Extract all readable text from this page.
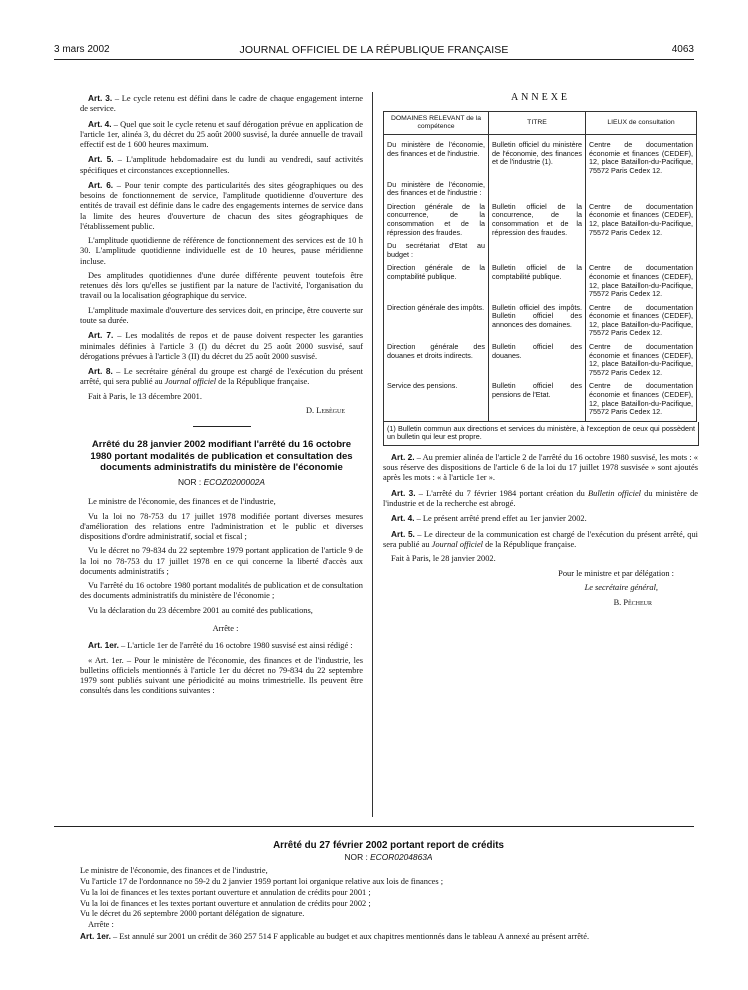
3 mars 2002	JOURNAL OFFICIEL DE LA RÉPUBLIQUE FRANÇAISE	4063

Art. 3. – Le cycle retenu est défini dans le cadre de chaque engagement interne de service.

Art. 4. – Quel que soit le cycle retenu et sauf dérogation prévue en application de l'article 1er, alinéa 3, du décret du 25 août 2000 susvisé, la durée annuelle de travail effectif est de 1 600 heures maximum.

Art. 5. – L'amplitude hebdomadaire est du lundi au vendredi, sauf activités spécifiques et circonstances exceptionnelles.

Art. 6. – Pour tenir compte des particularités des sites géographiques ou des besoins de fonctionnement de service, l'amplitude quotidienne d'ouverture des entités de travail est définie dans le cadre des engagements internes de service dans la limite des heures d'ouverture de chacun des sites géographiques de l'établissement public.

L'amplitude quotidienne de référence de fonctionnement des services est de 10 h 30. L'amplitude quotidienne individuelle est de 10 heures, pause méridienne incluse.

Des amplitudes quotidiennes d'une durée différente peuvent toutefois être retenues dès lors qu'elles se justifient par la nature de l'activité, l'organisation du travail ou la localisation géographique du service.

L'amplitude maximale d'ouverture des services doit, en principe, être couverte sur toute sa durée.

Art. 7. – Les modalités de repos et de pause doivent respecter les garanties minimales définies à l'article 3 (I) du décret du 25 août 2000 susvisé, sauf dérogations prévues à l'article 3 (II) du décret du 25 août 2000 susvisé.

Art. 8. – Le secrétaire général du groupe est chargé de l'exécution du présent arrêté, qui sera publié au Journal officiel de la République française.

Fait à Paris, le 13 décembre 2001.

D. Lebègue

Arrêté du 28 janvier 2002 modifiant l'arrêté du 16 octobre 1980 portant modalités de publication et consultation des documents administratifs du ministère de l'économie

NOR : ECOZ0200002A

Le ministre de l'économie, des finances et de l'industrie,

Vu la loi no 78-753 du 17 juillet 1978 modifiée portant diverses mesures d'amélioration des relations entre l'administration et le public et diverses dispositions d'ordre administratif, social et fiscal ;

Vu le décret no 79-834 du 22 septembre 1979 portant application de l'article 9 de la loi no 78-753 du 17 juillet 1978 en ce qui concerne la liberté d'accès aux documents administratifs ;

Vu l'arrêté du 16 octobre 1980 portant modalités de publication et de consultation des documents administratifs du ministère de l'économie ;

Vu la déclaration du 23 décembre 2001 au comité des publications,

Arrête :

Art. 1er. – L'article 1er de l'arrêté du 16 octobre 1980 susvisé est ainsi rédigé :

« Art. 1er. – Pour le ministère de l'économie, des finances et de l'industrie, les bulletins officiels mentionnés à l'article 1er du décret no 79-834 du 22 septembre 1979 sont publiés suivant une périodicité au moins trimestrielle. Ils peuvent être consultés dans les conditions suivantes :

ANNEXE

DOMAINES RELEVANT de la compétence	TITRE	LIEUX de consultation
Du ministère de l'économie, des finances et de l'industrie.	Bulletin officiel du ministère de l'économie, des finances et de l'industrie (1).	Centre de documentation économie et finances (CEDEF), 12, place Bataillon-du-Pacifique, 75572 Paris Cedex 12.
Du ministère de l'économie, des finances et de l'industrie :		
Direction générale de la concurrence, de la consommation et de la répression des fraudes.	Bulletin officiel de la concurrence, de la consommation et de la répression des fraudes.	Centre de documentation économie et finances (CEDEF), 12, place Bataillon-du-Pacifique, 75572 Paris Cedex 12.
Du secrétariat d'Etat au budget :		
Direction générale de la comptabilité publique.	Bulletin officiel de la comptabilité publique.	Centre de documentation économie et finances (CEDEF), 12, place Bataillon-du-Pacifique, 75572 Paris Cedex 12.
Direction générale des impôts.	Bulletin officiel des impôts. Bulletin officiel des annonces des domaines.	Centre de documentation économie et finances (CEDEF), 12, place Bataillon-du-Pacifique, 75572 Paris Cedex 12.
Direction générale des douanes et droits indirects.	Bulletin officiel des douanes.	Centre de documentation économie et finances (CEDEF), 12, place Bataillon-du-Pacifique, 75572 Paris Cedex 12.
Service des pensions.	Bulletin officiel des pensions de l'Etat.	Centre de documentation économie et finances (CEDEF), 12, place Bataillon-du-Pacifique, 75572 Paris Cedex 12.
(1) Bulletin commun aux directions et services du ministère, à l'exception de ceux qui possèdent un bulletin qui leur est propre.

Art. 2. – Au premier alinéa de l'article 2 de l'arrêté du 16 octobre 1980 susvisé, les mots : « sous réserve des dispositions de l'article 6 de la loi du 17 juillet 1978 susvisée » sont ajoutés après les mots : « à l'article 1er ».

Art. 3. – L'arrêté du 7 février 1984 portant création du Bulletin officiel du ministère de l'industrie et de la recherche est abrogé.

Art. 4. – Le présent arrêté prend effet au 1er janvier 2002.

Art. 5. – Le directeur de la communication est chargé de l'exécution du présent arrêté, qui sera publié au Journal officiel de la République française.

Fait à Paris, le 28 janvier 2002.

Pour le ministre et par délégation :

Le secrétaire général,

B. Pêcheur

Arrêté du 27 février 2002 portant report de crédits

NOR : ECOR0204863A

Le ministre de l'économie, des finances et de l'industrie,

Vu l'article 17 de l'ordonnance no 59-2 du 2 janvier 1959 portant loi organique relative aux lois de finances ;

Vu la loi de finances et les textes portant ouverture et annulation de crédits pour 2001 ;

Vu la loi de finances et les textes portant ouverture et annulation de crédits pour 2002 ;

Vu le décret du 26 septembre 2000 portant délégation de signature.

Arrête :

Art. 1er. – Est annulé sur 2001 un crédit de 360 257 514 F applicable au budget et aux chapitres mentionnés dans le tableau A annexé au présent arrêté.
